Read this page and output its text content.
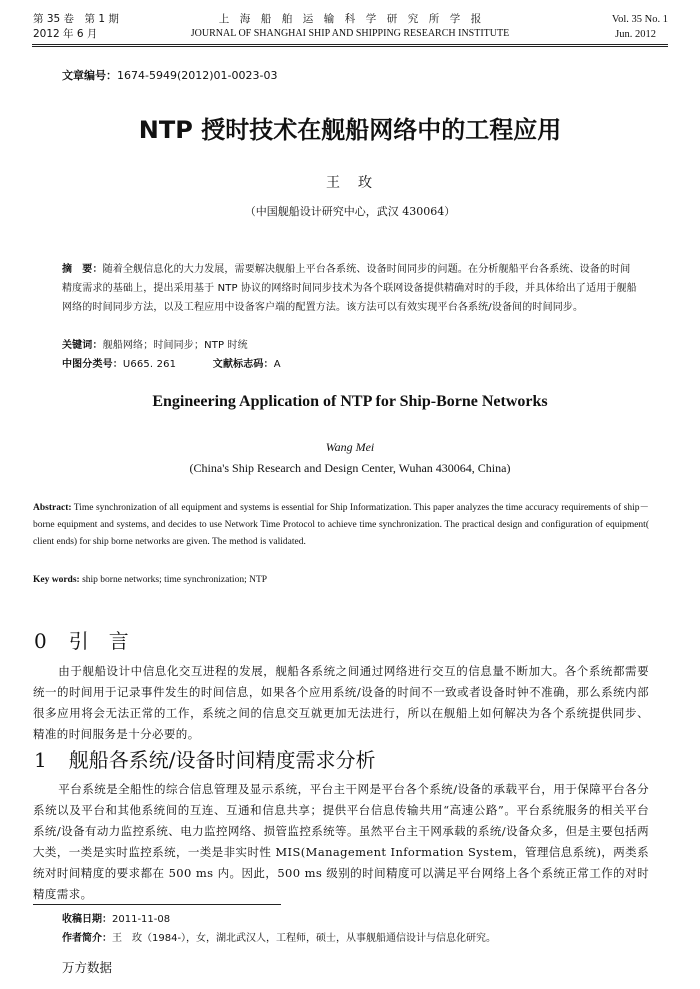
第 35 卷　第 1 期
2012 年 6 月
上　海　船　舶　运　输　科　学　研　究　所　学　报
JOURNAL OF SHANGHAI SHIP AND SHIPPING RESEARCH INSTITUTE
Vol. 35 No. 1
Jun. 2012
文章编号：1674-5949(2012)01-0023-03
NTP 授时技术在舰船网络中的工程应用
王　玫
（中国舰船设计研究中心，武汉 430064）
摘　要：随着全舰信息化的大力发展，需要解决舰船上平台各系统、设备时间同步的问题。在分析舰船平台各系统、设备的时间精度需求的基础上，提出采用基于 NTP 协议的网络时间同步技术为各个联网设备提供精确对时的手段，并具体给出了适用于舰船网络的时间同步方法，以及工程应用中设备客户端的配置方法。该方法可以有效实现平台各系统/设备间的时间同步。
关键词：舰船网络；时间同步；NTP 时统
中图分类号：U665. 261	文献标志码：A
Engineering Application of NTP for Ship-Borne Networks
Wang Mei
(China's Ship Research and Design Center, Wuhan 430064, China)
Abstract: Time synchronization of all equipment and systems is essential for Ship Informatization. This paper analyzes the time accuracy requirements of ship－borne equipment and systems, and decides to use Network Time Protocol to achieve time synchronization. The practical design and configuration of equipment( client ends) for ship borne networks are given. The method is validated.
Key words: ship borne networks; time synchronization; NTP
0 引　言
由于舰船设计中信息化交互进程的发展，舰船各系统之间通过网络进行交互的信息量不断加大。各个系统都需要统一的时间用于记录事件发生的时间信息，如果各个应用系统/设备的时间不一致或者设备时钟不准确，那么系统内部很多应用将会无法正常的工作，系统之间的信息交互就更加无法进行，所以在舰船上如何解决为各个系统提供同步、精准的时间服务是十分必要的。
1 舰船各系统/设备时间精度需求分析
平台系统是全船性的综合信息管理及显示系统，平台主干网是平台各个系统/设备的承载平台，用于保障平台各分系统以及平台和其他系统间的互连、互通和信息共享；提供平台信息传输共用“高速公路”。平台系统服务的相关平台系统/设备有动力监控系统、电力监控网络、损管监控系统等。虽然平台主干网承载的系统/设备众多，但是主要包括两大类，一类是实时监控系统，一类是非实时性 MIS(Management Information System，管理信息系统)，两类系统对时间精度的要求都在 500 ms 内。因此，500 ms 级别的时间精度可以满足平台网络上各个系统正常工作的对时精度需求。
收稿日期：2011-11-08
作者简介：王　玫（1984-），女，湖北武汉人，工程师，硕士，从事舰船通信设计与信息化研究。
万方数据
